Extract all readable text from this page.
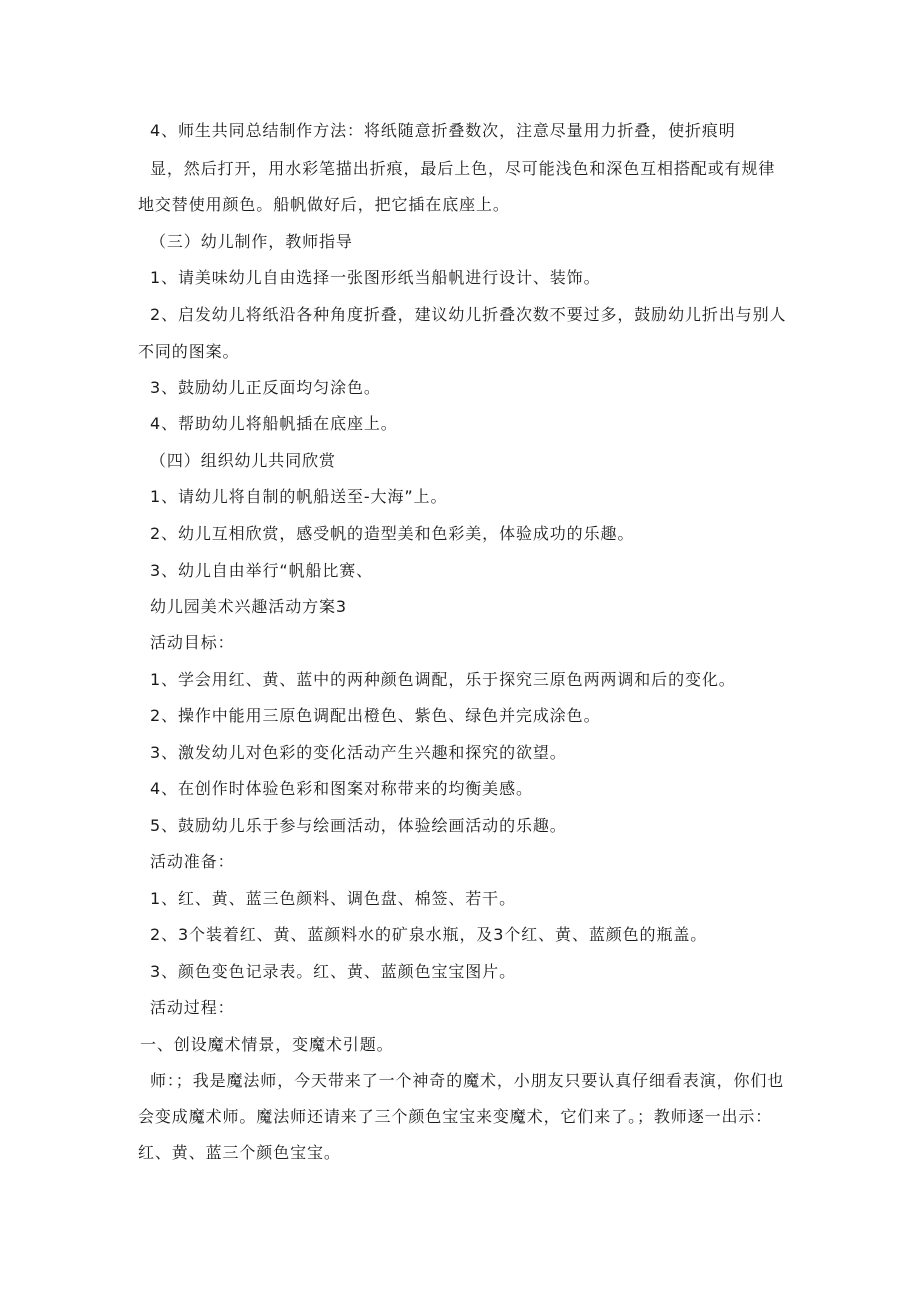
4、师生共同总结制作方法：将纸随意折叠数次，注意尽量用力折叠，使折痕明
显，然后打开，用水彩笔描出折痕，最后上色，尽可能浅色和深色互相搭配或有规律
地交替使用颜色。船帆做好后，把它插在底座上。
（三）幼儿制作，教师指导
1、请美味幼儿自由选择一张图形纸当船帆进行设计、装饰。
2、启发幼儿将纸沿各种角度折叠，建议幼儿折叠次数不要过多，鼓励幼儿折出与别人
不同的图案。
3、鼓励幼儿正反面均匀涂色。
4、帮助幼儿将船帆插在底座上。
（四）组织幼儿共同欣赏
1、请幼儿将自制的帆船送至-大海”上。
2、幼儿互相欣赏，感受帆的造型美和色彩美，体验成功的乐趣。
3、幼儿自由举行“帆船比赛、
幼儿园美术兴趣活动方案3
活动目标：
1、学会用红、黄、蓝中的两种颜色调配，乐于探究三原色两两调和后的变化。
2、操作中能用三原色调配出橙色、紫色、绿色并完成涂色。
3、激发幼儿对色彩的变化活动产生兴趣和探究的欲望。
4、在创作时体验色彩和图案对称带来的均衡美感。
5、鼓励幼儿乐于参与绘画活动，体验绘画活动的乐趣。
活动准备：
1、红、黄、蓝三色颜料、调色盘、棉签、若干。
2、3个装着红、黄、蓝颜料水的矿泉水瓶，及3个红、黄、蓝颜色的瓶盖。
3、颜色变色记录表。红、黄、蓝颜色宝宝图片。
活动过程：
一、创设魔术情景，变魔术引题。
师：；我是魔法师，今天带来了一个神奇的魔术，小朋友只要认真仔细看表演，你们也
会变成魔术师。魔法师还请来了三个颜色宝宝来变魔术，它们来了。；教师逐一出示：
红、黄、蓝三个颜色宝宝。
